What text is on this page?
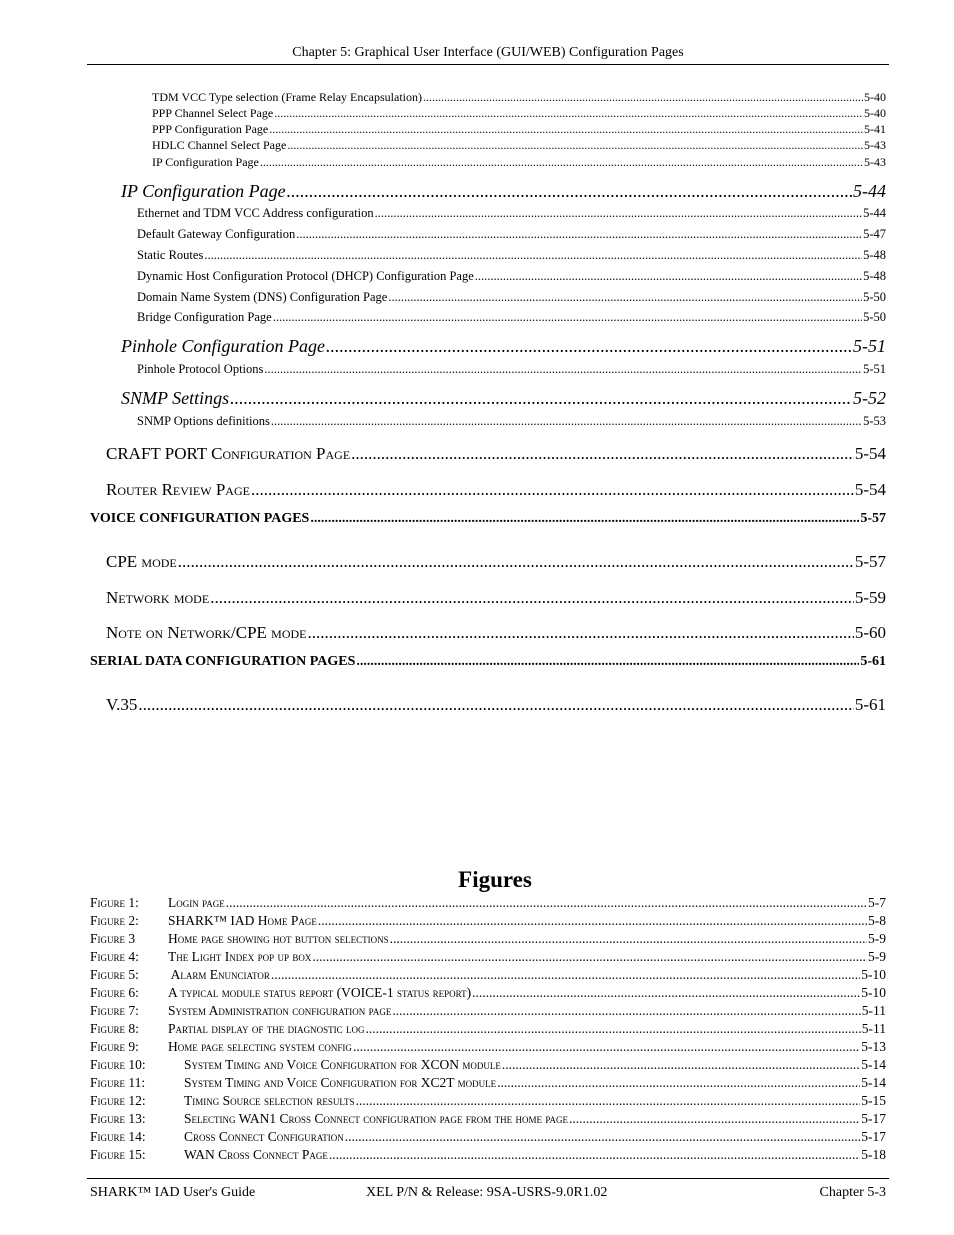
Chapter 5: Graphical User Interface (GUI/WEB) Configuration Pages
TDM VCC Type selection (Frame Relay Encapsulation) .....	5-40
PPP Channel Select Page .....	5-40
PPP Configuration Page .....	5-41
HDLC Channel Select Page .....	5-43
IP Configuration Page .....	5-43
IP Configuration Page .....	5-44
Ethernet and TDM VCC Address configuration .....	5-44
Default Gateway Configuration .....	5-47
Static Routes .....	5-48
Dynamic Host Configuration Protocol (DHCP) Configuration Page .....	5-48
Domain Name System (DNS) Configuration Page .....	5-50
Bridge Configuration Page .....	5-50
Pinhole Configuration Page .....	5-51
Pinhole Protocol Options .....	5-51
SNMP Settings .....	5-52
SNMP Options definitions .....	5-53
CRAFT PORT Configuration Page .....	5-54
Router Review Page .....	5-54
VOICE CONFIGURATION PAGES .....	5-57
CPE mode .....	5-57
Network mode .....	5-59
Note on Network/CPE mode .....	5-60
SERIAL DATA CONFIGURATION PAGES .....	5-61
V.35 .....	5-61
Figures
Figure 1:	Login page .....	5-7
Figure 2:	SHARK™ IAD Home Page .....	5-8
Figure 3	Home page showing hot button selections .....	5-9
Figure 4:	The Light Index pop up box .....	5-9
Figure 5:	Alarm Enunciator .....	5-10
Figure 6:	A typical module status report (VOICE-1 status report) .....	5-10
Figure 7:	System Administration configuration page .....	5-11
Figure 8:	Partial display of the diagnostic log .....	5-11
Figure 9:	Home page selecting system config .....	5-13
Figure 10:	System Timing and Voice Configuration for XCON module .....	5-14
Figure 11:	System Timing and Voice Configuration for XC2T module .....	5-14
Figure 12:	Timing Source selection results .....	5-15
Figure 13:	Selecting WAN1 Cross Connect configuration page from the home page .....	5-17
Figure 14:	Cross Connect Configuration .....	5-17
Figure 15:	WAN Cross Connect Page .....	5-18
SHARK™ IAD User's Guide	XEL P/N & Release: 9SA-USRS-9.0R1.02	Chapter 5-3
